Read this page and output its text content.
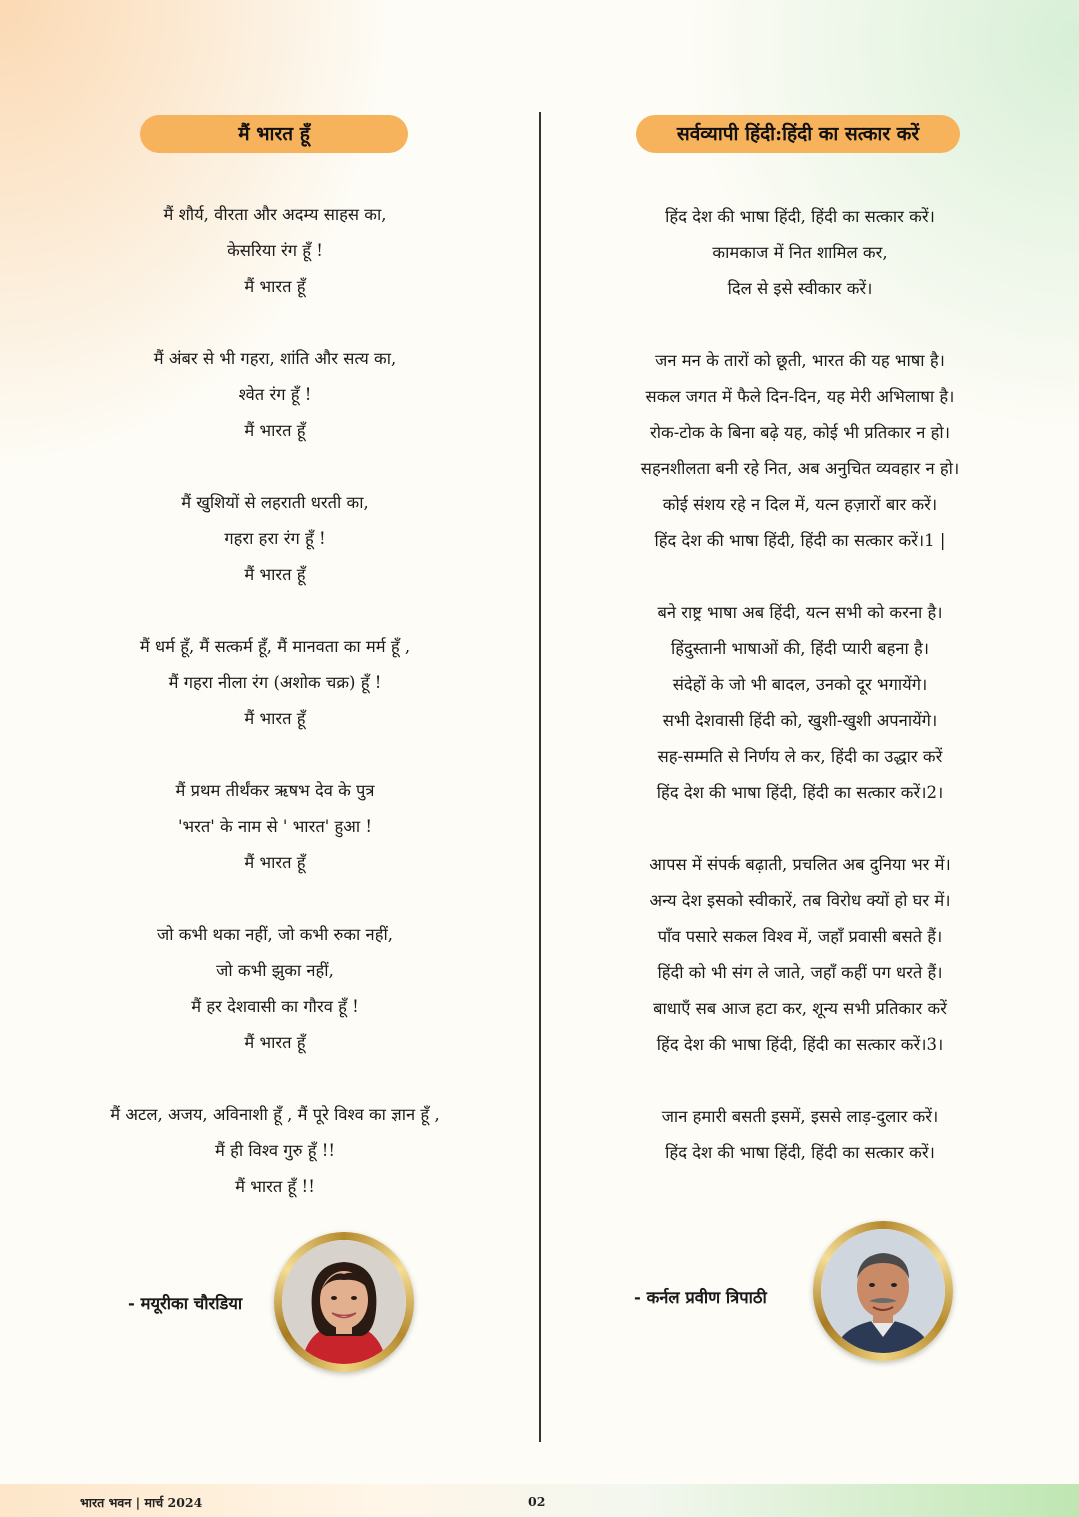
मैं भारत हूँ
मैं शौर्य, वीरता और अदम्य साहस का,
केसरिया रंग हूँ !
मैं भारत हूँ
मैं अंबर से भी गहरा, शांति और सत्य का,
श्वेत रंग हूँ !
मैं भारत हूँ
मैं खुशियों से लहराती धरती का,
गहरा हरा रंग हूँ !
मैं भारत हूँ
मैं धर्म हूँ, मैं सत्कर्म हूँ, मैं मानवता का मर्म हूँ ,
मैं गहरा नीला रंग (अशोक चक्र) हूँ !
मैं भारत हूँ
मैं प्रथम तीर्थंकर ऋषभ देव के पुत्र
'भरत' के नाम से ' भारत' हुआ !
मैं भारत हूँ
जो कभी थका नहीं, जो कभी रुका नहीं,
जो कभी झुका नहीं,
मैं हर देशवासी का गौरव हूँ !
मैं भारत हूँ
मैं अटल, अजय, अविनाशी हूँ , मैं पूरे विश्व का ज्ञान हूँ ,
मैं ही विश्व गुरु हूँ !!
मैं भारत हूँ !!
सर्वव्यापी हिंदी:हिंदी का सत्कार करें
हिंद देश की भाषा हिंदी, हिंदी का सत्कार करें।
कामकाज में नित शामिल कर,
दिल से इसे स्वीकार करें।
जन मन के तारों को छूती, भारत की यह भाषा है।
सकल जगत में फैले दिन-दिन, यह मेरी अभिलाषा है।
रोक-टोक के बिना बढ़े यह, कोई भी प्रतिकार न हो।
सहनशीलता बनी रहे नित, अब अनुचित व्यवहार न हो।
कोई संशय रहे न दिल में, यत्न हज़ारों बार करें।
हिंद देश की भाषा हिंदी, हिंदी का सत्कार करें।1 |
बने राष्ट्र भाषा अब हिंदी, यत्न सभी को करना है।
हिंदुस्तानी भाषाओं की, हिंदी प्यारी बहना है।
संदेहों के जो भी बादल, उनको दूर भगायेंगे।
सभी देशवासी हिंदी को, खुशी-खुशी अपनायेंगे।
सह-सम्मति से निर्णय ले कर, हिंदी का उद्धार करें
हिंद देश की भाषा हिंदी, हिंदी का सत्कार करें।2।
आपस में संपर्क बढ़ाती, प्रचलित अब दुनिया भर में।
अन्य देश इसको स्वीकारें, तब विरोध क्यों हो घर में।
पाँव पसारे सकल विश्व में, जहाँ प्रवासी बसते हैं।
हिंदी को भी संग ले जाते, जहाँ कहीं पग धरते हैं।
बाधाएँ सब आज हटा कर, शून्य सभी प्रतिकार करें
हिंद देश की भाषा हिंदी, हिंदी का सत्कार करें।3।
जान हमारी बसती इसमें, इससे लाड़-दुलार करें।
हिंद देश की भाषा हिंदी, हिंदी का सत्कार करें।
- मयूरीका चौरडिया	- कर्नल प्रवीण त्रिपाठी
भारत भवन | मार्च 2024	02
